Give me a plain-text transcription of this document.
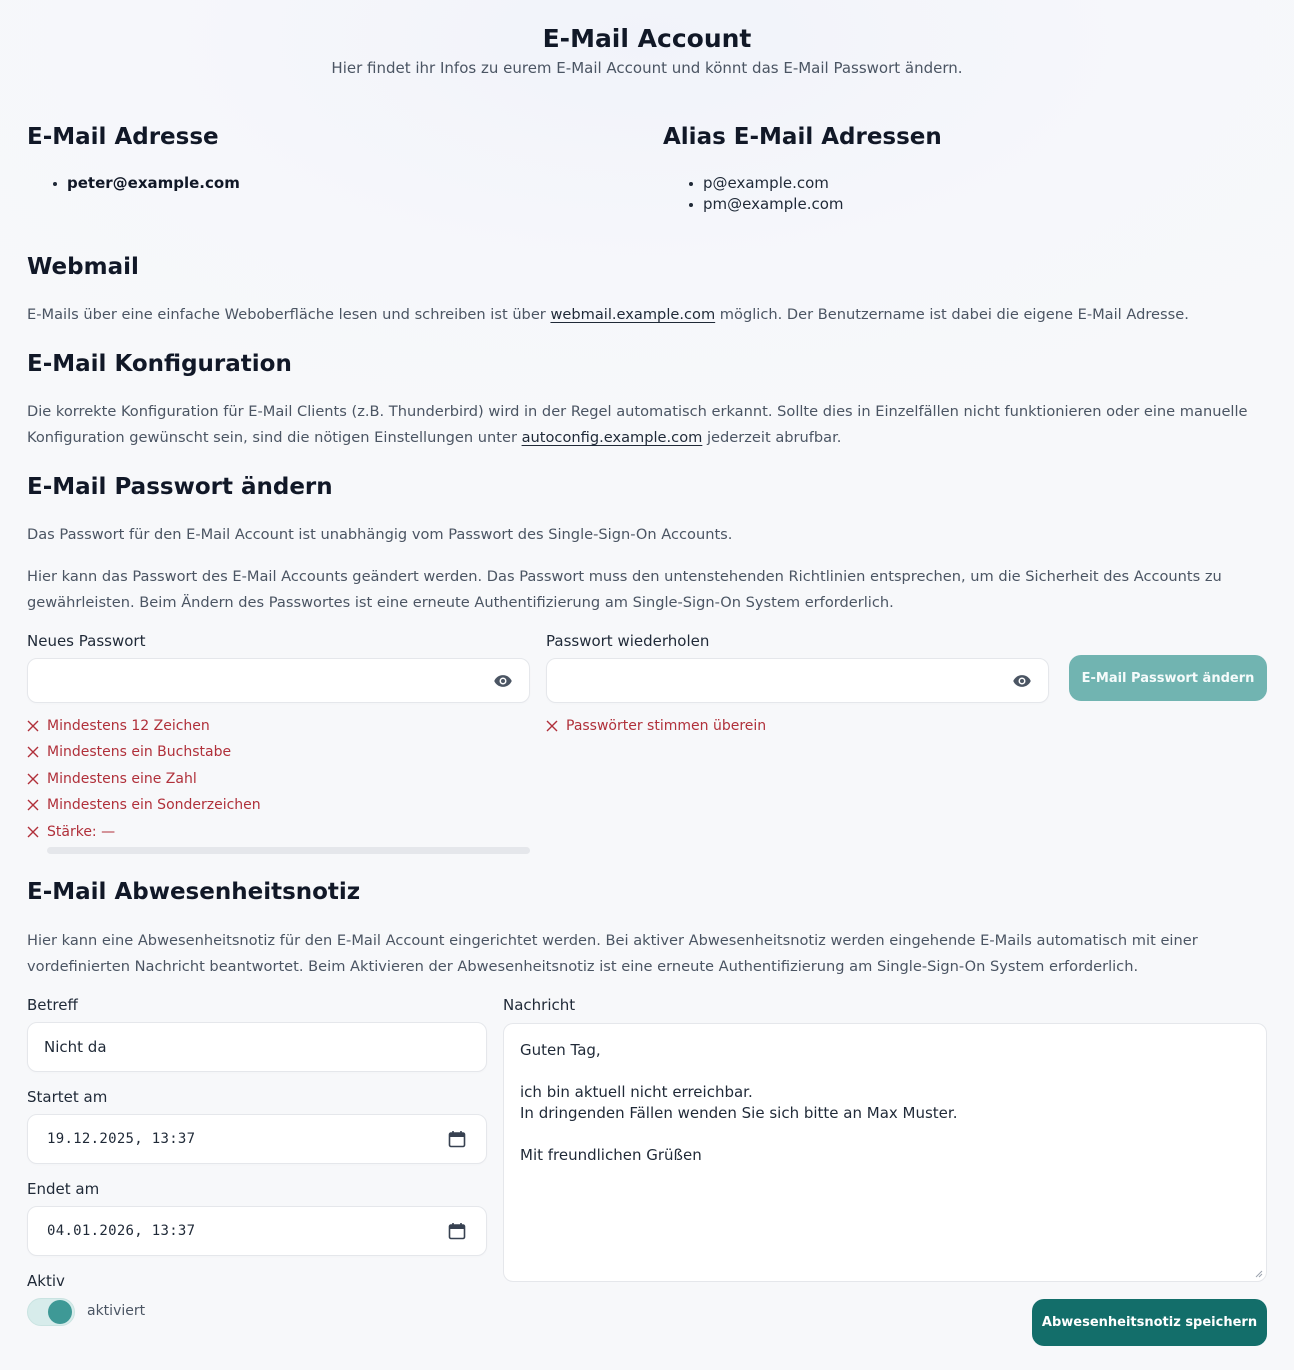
E-Mail Account

Hier findet ihr Infos zu eurem E-Mail Account und könnt das E-Mail Passwort ändern.

E-Mail Adresse
peter@example.com
Alias E-Mail Adressen
p@example.com
pm@example.com
Webmail

E-Mails über eine einfache Weboberfläche lesen und schreiben ist über webmail.example.com möglich. Der Benutzername ist dabei die eigene E-Mail Adresse.

E-Mail Konfiguration

Die korrekte Konfiguration für E-Mail Clients (z.B. Thunderbird) wird in der Regel automatisch erkannt. Sollte dies in Einzelfällen nicht funktionieren oder eine manuelle Konfiguration gewünscht sein, sind die nötigen Einstellungen unter autoconfig.example.com jederzeit abrufbar.

E-Mail Passwort ändern

Das Passwort für den E-Mail Account ist unabhängig vom Passwort des Single-Sign-On Accounts.

Hier kann das Passwort des E-Mail Accounts geändert werden. Das Passwort muss den untenstehenden Richtlinien entsprechen, um die Sicherheit des Accounts zu gewährleisten. Beim Ändern des Passwortes ist eine erneute Authentifizierung am Single-Sign-On System erforderlich.

Neues Passwort	Passwort wiederholen
E-Mail Passwort ändern
Mindestens 12 Zeichen
Mindestens ein Buchstabe
Mindestens eine Zahl
Mindestens ein Sonderzeichen
Stärke: —
Passwörter stimmen überein
E-Mail Abwesenheitsnotiz

Hier kann eine Abwesenheitsnotiz für den E-Mail Account eingerichtet werden. Bei aktiver Abwesenheitsnotiz werden eingehende E-Mails automatisch mit einer vordefinierten Nachricht beantwortet. Beim Aktivieren der Abwesenheitsnotiz ist eine erneute Authentifizierung am Single-Sign-On System erforderlich.

Betreff
Nicht da
Startet am
19.12.2025, 13:37
Endet am
04.01.2026, 13:37
Aktiv
aktiviert
Nachricht
Guten Tag,
ich bin aktuell nicht erreichbar.
In dringenden Fällen wenden Sie sich bitte an Max Muster.
Mit freundlichen Grüßen
Abwesenheitsnotiz speichern
